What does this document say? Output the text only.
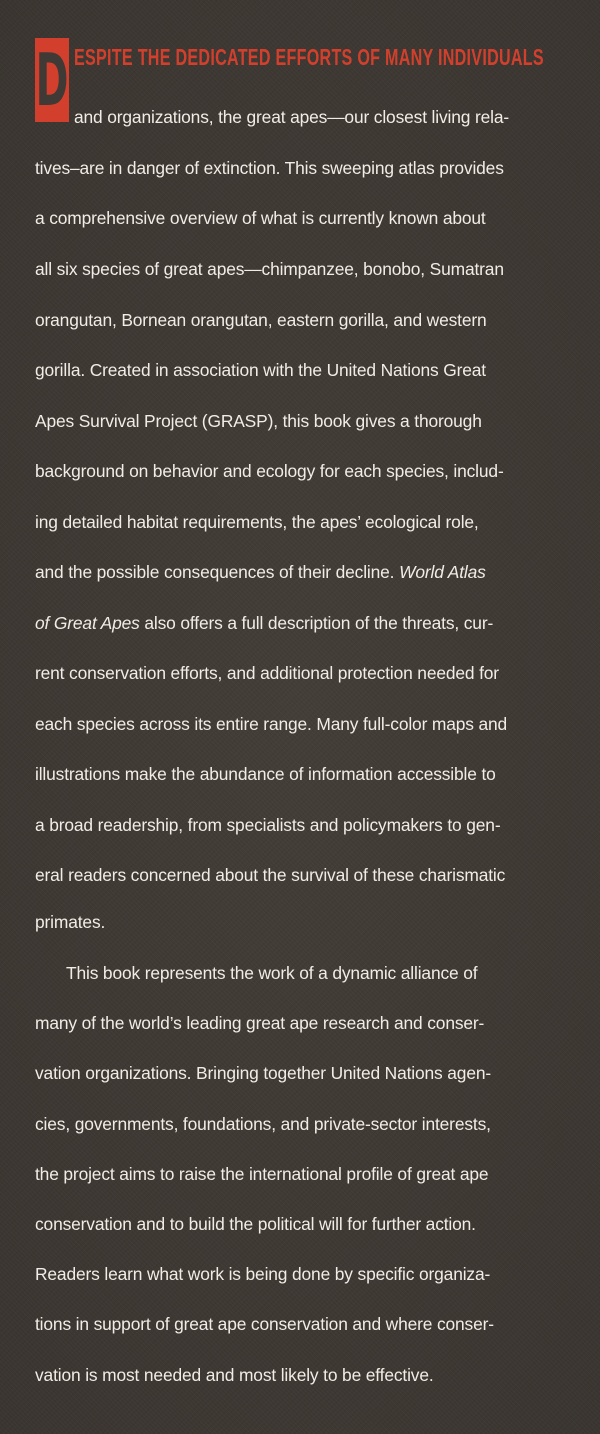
D ESPITE THE DEDICATED EFFORTS OF MANY INDIVIDUALS
and organizations, the great apes—our closest living rela-
tives–are in danger of extinction. This sweeping atlas provides
a comprehensive overview of what is currently known about
all six species of great apes—chimpanzee, bonobo, Sumatran
orangutan, Bornean orangutan, eastern gorilla, and western
gorilla. Created in association with the United Nations Great
Apes Survival Project (GRASP), this book gives a thorough
background on behavior and ecology for each species, includ-
ing detailed habitat requirements, the apes’ ecological role,
and the possible consequences of their decline. World Atlas
of Great Apes also offers a full description of the threats, cur-
rent conservation efforts, and additional protection needed for
each species across its entire range. Many full-color maps and
illustrations make the abundance of information accessible to
a broad readership, from specialists and policymakers to gen-
eral readers concerned about the survival of these charismatic
primates.
This book represents the work of a dynamic alliance of
many of the world’s leading great ape research and conser-
vation organizations. Bringing together United Nations agen-
cies, governments, foundations, and private-sector interests,
the project aims to raise the international profile of great ape
conservation and to build the political will for further action.
Readers learn what work is being done by specific organiza-
tions in support of great ape conservation and where conser-
vation is most needed and most likely to be effective.
